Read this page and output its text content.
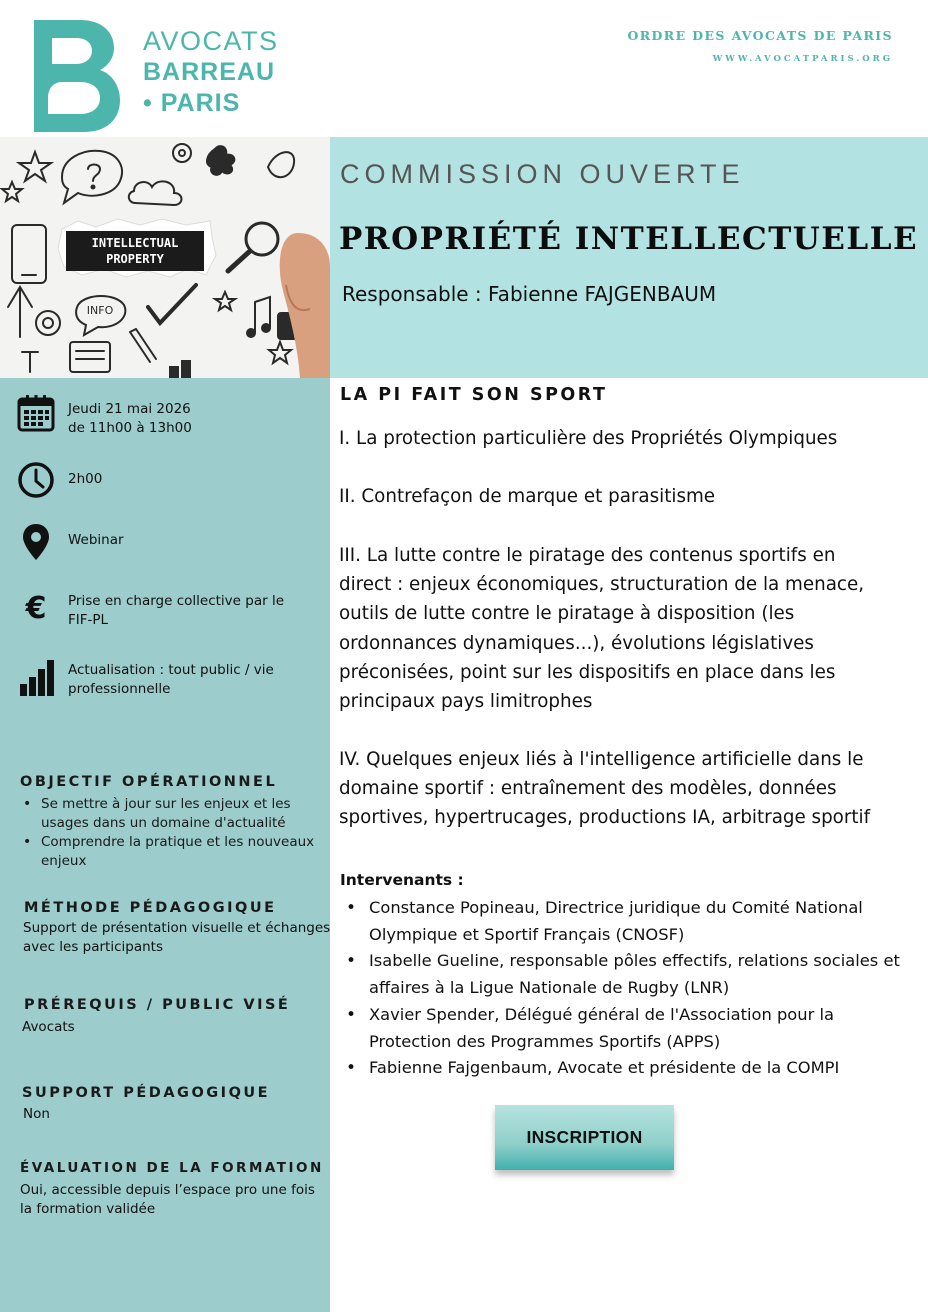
AVOCATS
BARREAU
• PARIS
ORDRE DES AVOCATS DE PARIS
WWW.AVOCATPARIS.ORG
INTELLECTUAL
PROPERTY
INFO
COMMISSION OUVERTE
PROPRIÉTÉ INTELLECTUELLE
Responsable : Fabienne FAJGENBAUM
Jeudi 21 mai 2026
de 11h00 à 13h00
2h00
Webinar
€ Prise en charge collective par le
FIF-PL
Actualisation : tout public / vie
professionnelle
OBJECTIF OPÉRATIONNEL
• Se mettre à jour sur les enjeux et les usages dans un domaine d'actualité
• Comprendre la pratique et les nouveaux enjeux
MÉTHODE PÉDAGOGIQUE
Support de présentation visuelle et échanges
avec les participants
PRÉREQUIS / PUBLIC VISÉ
Avocats
SUPPORT PÉDAGOGIQUE
Non
ÉVALUATION DE LA FORMATION
Oui, accessible depuis l’espace pro une fois
la formation validée
LA PI FAIT SON SPORT
I. La protection particulière des Propriétés Olympiques
II. Contrefaçon de marque et parasitisme
III. La lutte contre le piratage des contenus sportifs en direct : enjeux économiques, structuration de la menace, outils de lutte contre le piratage à disposition (les ordonnances dynamiques...), évolutions législatives préconisées, point sur les dispositifs en place dans les principaux pays limitrophes
IV. Quelques enjeux liés à l'intelligence artificielle dans le domaine sportif : entraînement des modèles, données sportives, hypertrucages, productions IA, arbitrage sportif
Intervenants :
• Constance Popineau, Directrice juridique du Comité National Olympique et Sportif Français (CNOSF)
• Isabelle Gueline, responsable pôles effectifs, relations sociales et affaires à la Ligue Nationale de Rugby (LNR)
• Xavier Spender, Délégué général de l'Association pour la Protection des Programmes Sportifs (APPS)
• Fabienne Fajgenbaum, Avocate et présidente de la COMPI
INSCRIPTION
